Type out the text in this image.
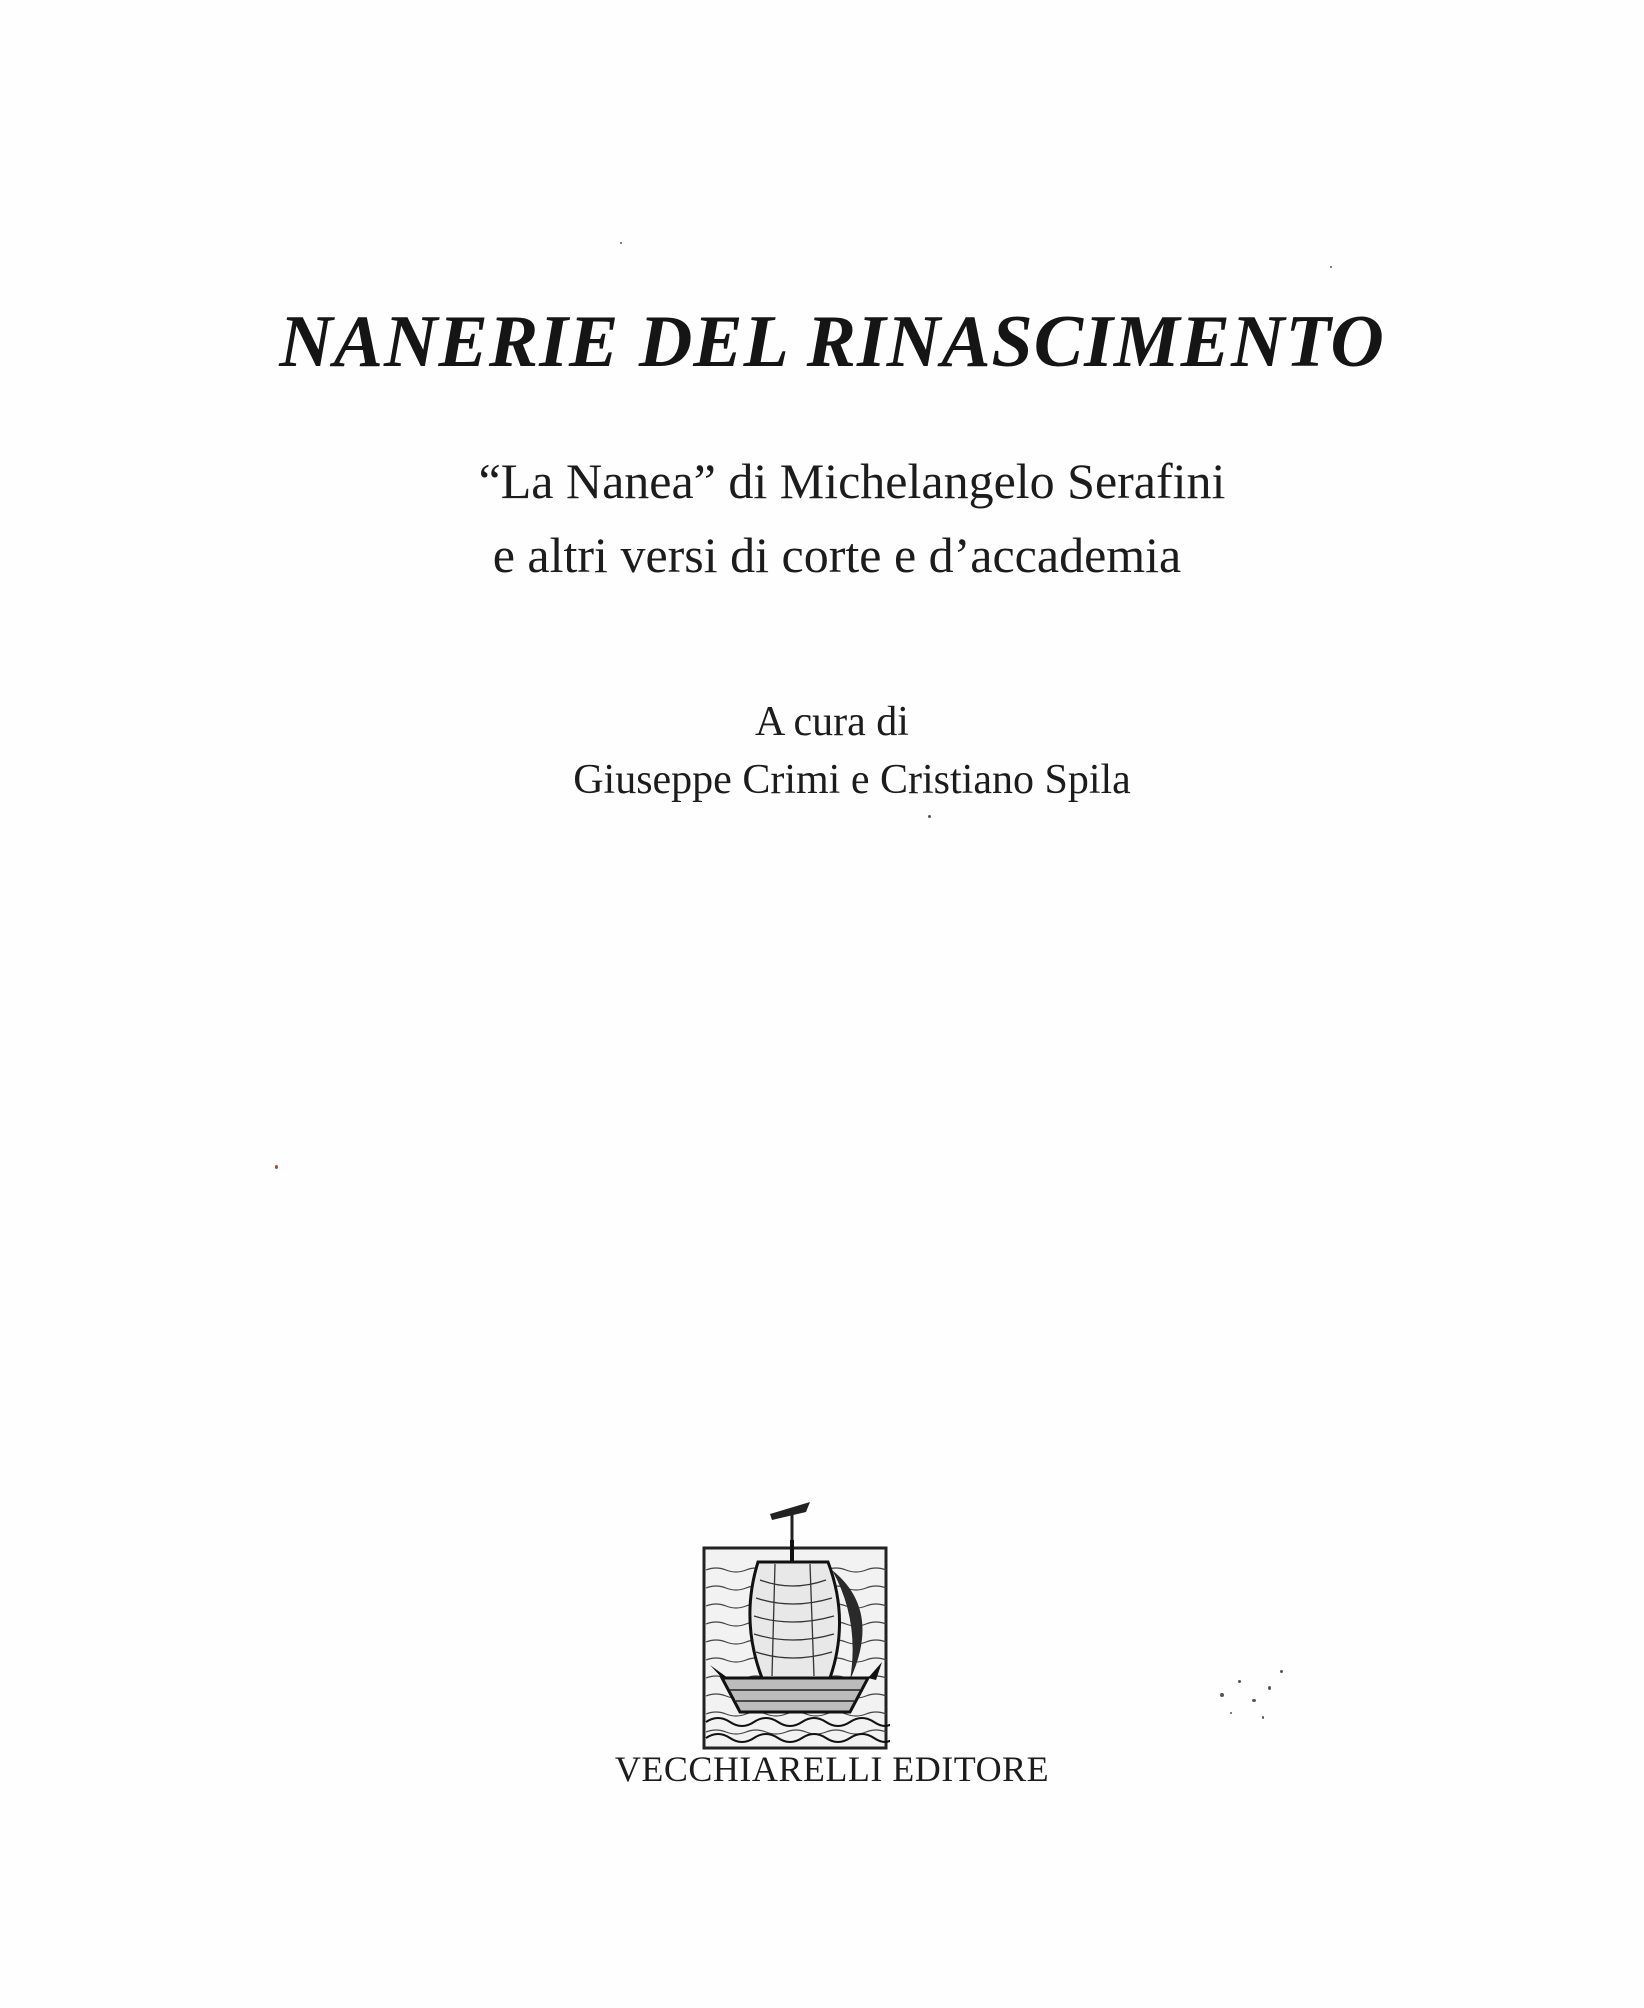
NANERIE DEL RINASCIMENTO
“La Nanea” di Michelangelo Serafini
e altri versi di corte e d’accademia
A cura di
Giuseppe Crimi e Cristiano Spila
VECCHIARELLI EDITORE
